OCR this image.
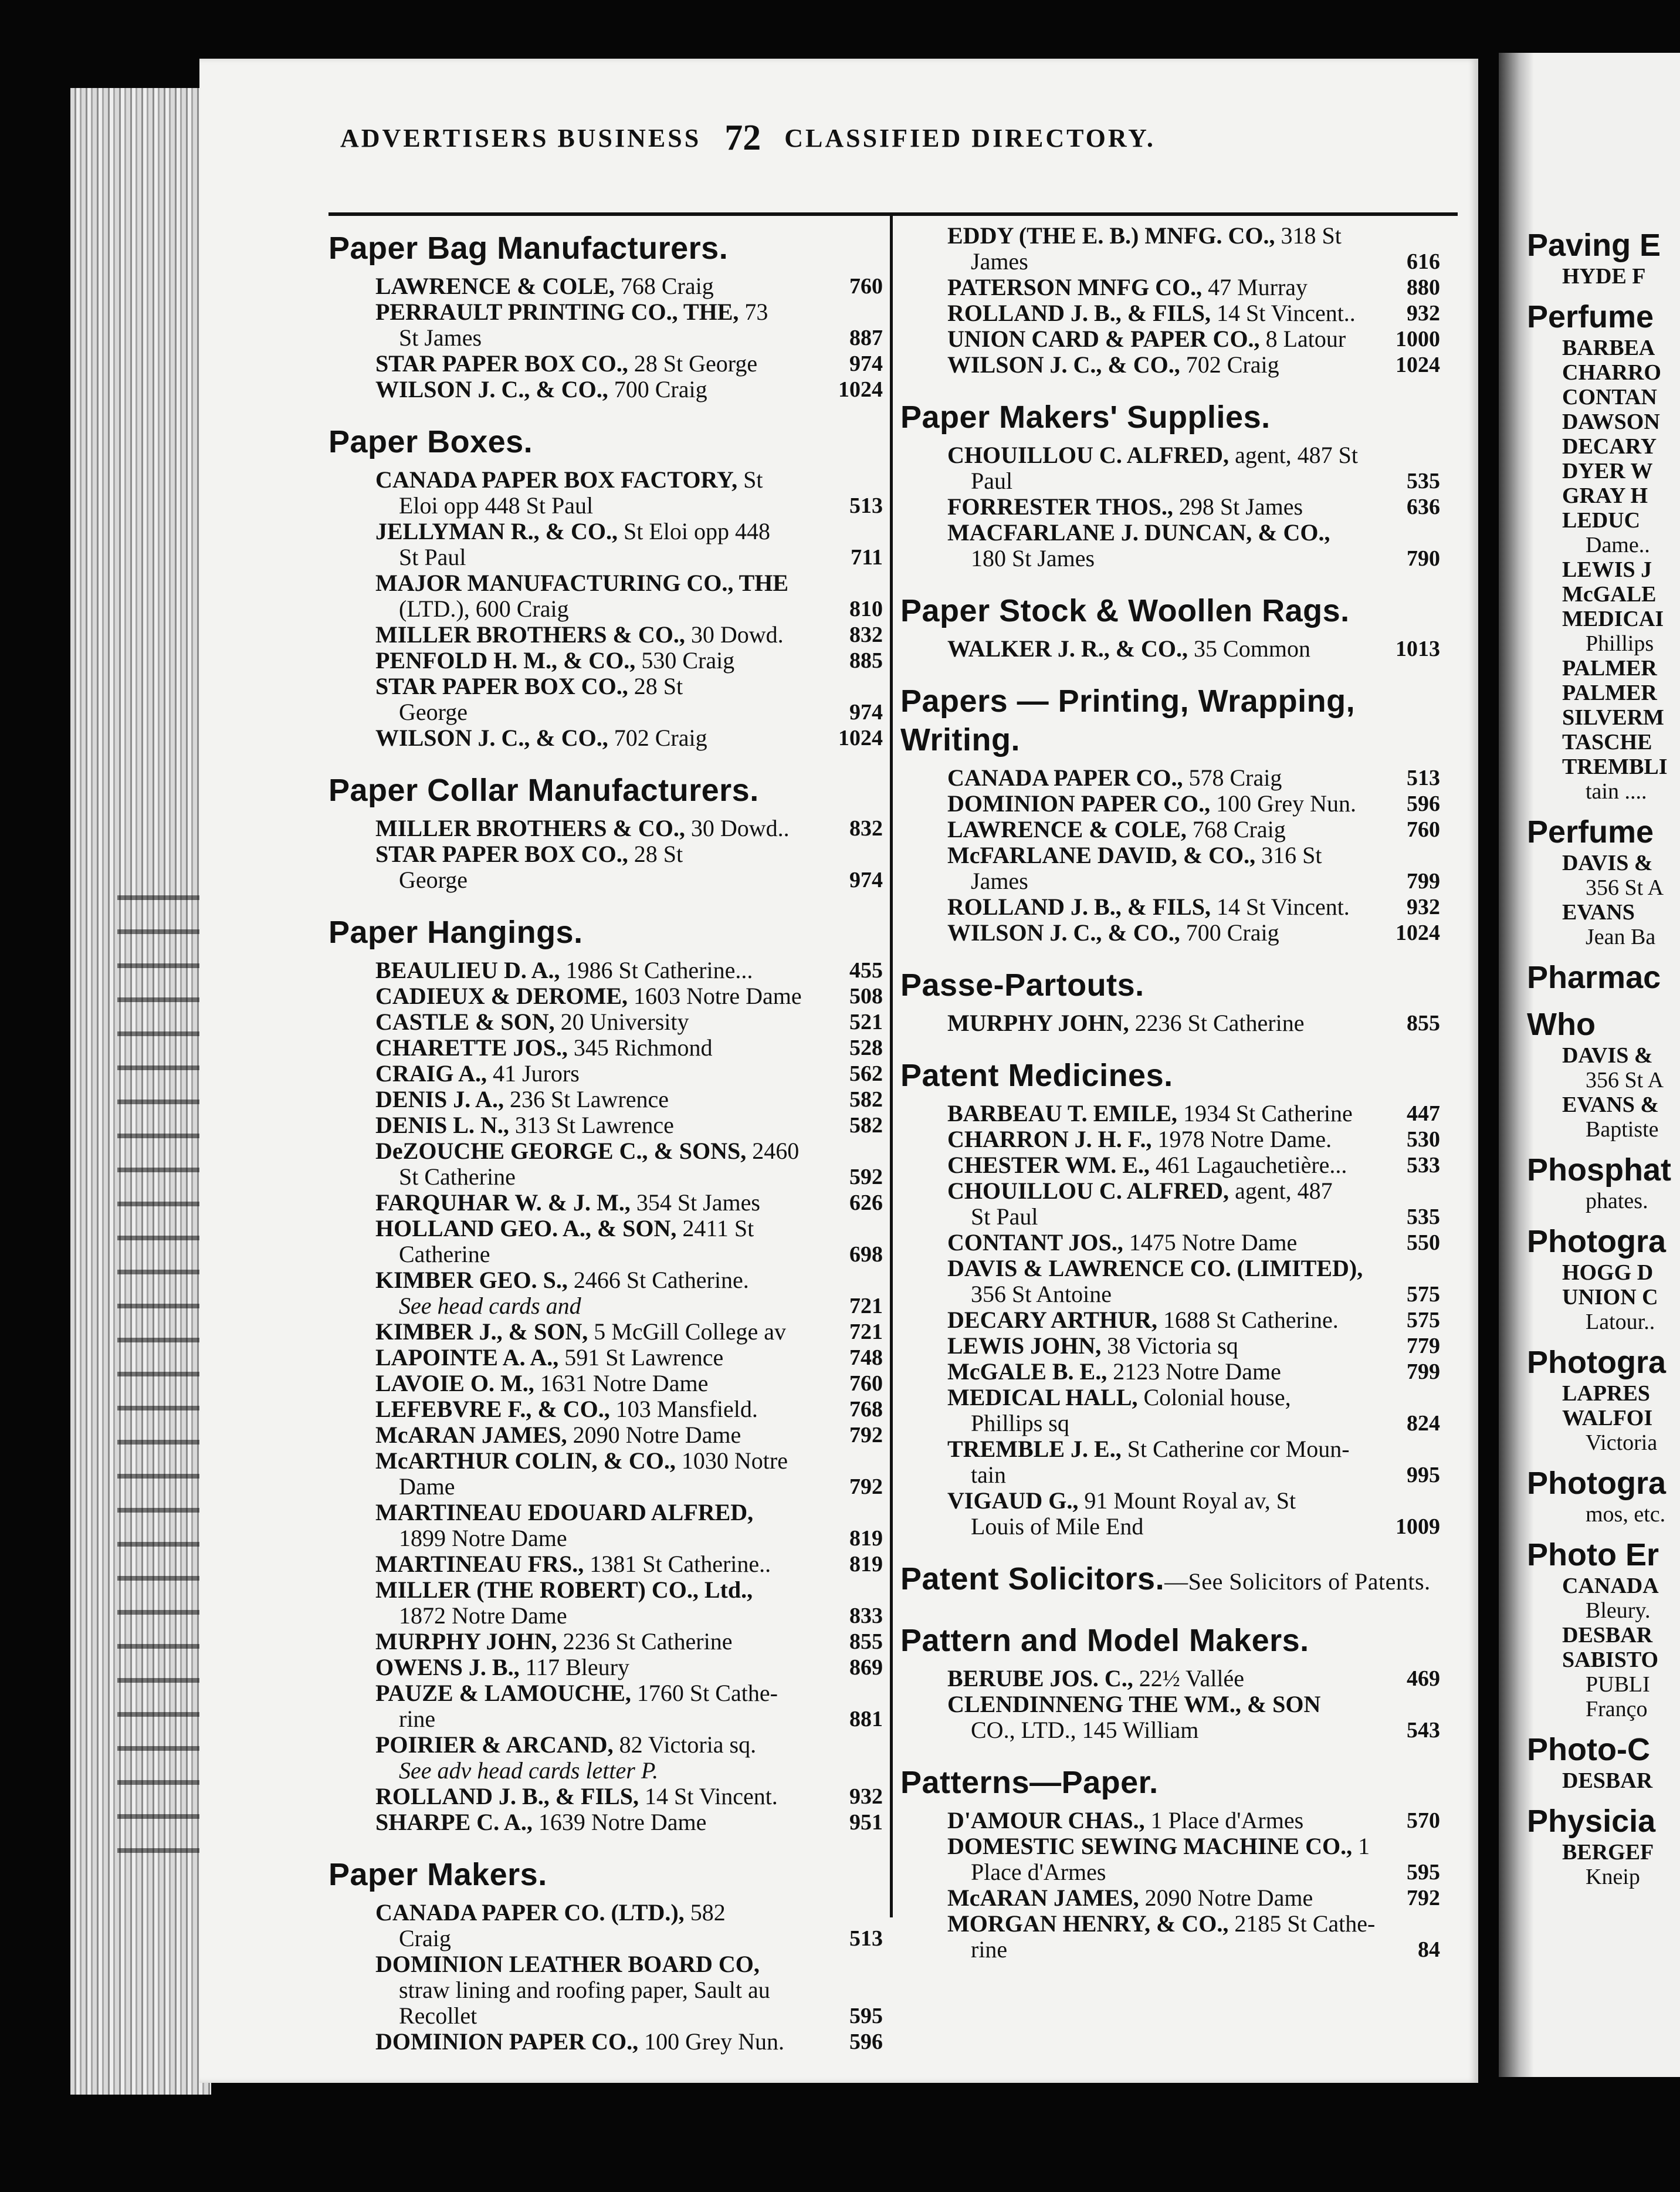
ADVERTISERS BUSINESS 72 CLASSIFIED DIRECTORY.
Paper Bag Manufacturers.
LAWRENCE & COLE, 768 Craig	760
PERRAULT PRINTING CO., THE, 73
St James	887
STAR PAPER BOX CO., 28 St George	974
WILSON J. C., & CO., 700 Craig	1024
Paper Boxes.
CANADA PAPER BOX FACTORY, St
Eloi opp 448 St Paul	513
JELLYMAN R., & CO., St Eloi opp 448
St Paul	711
MAJOR MANUFACTURING CO., THE
(LTD.), 600 Craig	810
MILLER BROTHERS & CO., 30 Dowd.	832
PENFOLD H. M., & CO., 530 Craig	885
STAR PAPER BOX CO., 28 St
George	974
WILSON J. C., & CO., 702 Craig	1024
Paper Collar Manufacturers.
MILLER BROTHERS & CO., 30 Dowd..	832
STAR PAPER BOX CO., 28 St
George	974
Paper Hangings.
BEAULIEU D. A., 1986 St Catherine...	455
CADIEUX & DEROME, 1603 Notre Dame 508
CASTLE & SON, 20 University	521
CHARETTE JOS., 345 Richmond	528
CRAIG A., 41 Jurors	562
DENIS J. A., 236 St Lawrence	582
DENIS L. N., 313 St Lawrence	582
DeZOUCHE GEORGE C., & SONS, 2460
St Catherine	592
FARQUHAR W. & J. M., 354 St James	626
HOLLAND GEO. A., & SON, 2411 St
Catherine	698
KIMBER GEO. S., 2466 St Catherine.
See head cards and	721
KIMBER J., & SON, 5 McGill College av	721
LAPOINTE A. A., 591 St Lawrence	748
LAVOIE O. M., 1631 Notre Dame	760
LEFEBVRE F., & CO., 103 Mansfield.	768
McARAN JAMES, 2090 Notre Dame	792
McARTHUR COLIN, & CO., 1030 Notre
Dame	792
MARTINEAU EDOUARD ALFRED,
1899 Notre Dame	819
MARTINEAU FRS., 1381 St Catherine..	819
MILLER (THE ROBERT) CO., Ltd.,
1872 Notre Dame	833
MURPHY JOHN, 2236 St Catherine	855
OWENS J. B., 117 Bleury	869
PAUZE & LAMOUCHE, 1760 St Cathe-
rine	881
POIRIER & ARCAND, 82 Victoria sq.
See adv head cards letter P.
ROLLAND J. B., & FILS, 14 St Vincent.	932
SHARPE C. A., 1639 Notre Dame	951
Paper Makers.
CANADA PAPER CO. (LTD.), 582
Craig	513
DOMINION LEATHER BOARD CO,
straw lining and roofing paper, Sault au Recollet	595
DOMINION PAPER CO., 100 Grey Nun.	596
EDDY (THE E. B.) MNFG. CO., 318 St
James	616
PATERSON MNFG CO., 47 Murray	880
ROLLAND J. B., & FILS, 14 St Vincent.. 932
UNION CARD & PAPER CO., 8 Latour 1000
WILSON J. C., & CO., 702 Craig	1024
Paper Makers' Supplies.
CHOUILLOU C. ALFRED, agent, 487 St
Paul	535
FORRESTER THOS., 298 St James	636
MACFARLANE J. DUNCAN, & CO.,
180 St James	790
Paper Stock & Woollen Rags.
WALKER J. R., & CO., 35 Common	1013
Papers — Printing, Wrapping, Writing.
CANADA PAPER CO., 578 Craig	513
DOMINION PAPER CO., 100 Grey Nun. 596
LAWRENCE & COLE, 768 Craig	760
McFARLANE DAVID, & CO., 316 St
James	799
ROLLAND J. B., & FILS, 14 St Vincent.	932
WILSON J. C., & CO., 700 Craig	1024
Passe-Partouts.
MURPHY JOHN, 2236 St Catherine	855
Patent Medicines.
BARBEAU T. EMILE, 1934 St Catherine 447
CHARRON J. H. F., 1978 Notre Dame.	530
CHESTER WM. E., 461 Lagauchetière...	533
CHOUILLOU C. ALFRED, agent, 487
St Paul	535
CONTANT JOS., 1475 Notre Dame	550
DAVIS & LAWRENCE CO. (LIMITED),
356 St Antoine	575
DECARY ARTHUR, 1688 St Catherine.	575
LEWIS JOHN, 38 Victoria sq	779
McGALE B. E., 2123 Notre Dame	799
MEDICAL HALL, Colonial house,
Phillips sq	824
TREMBLE J. E., St Catherine cor Moun-
tain	995
VIGAUD G., 91 Mount Royal av, St
Louis of Mile End	1009
Patent Solicitors.—See Solicitors of Patents.
Pattern and Model Makers.
BERUBE JOS. C., 22½ Vallée	469
CLENDINNENG THE WM., & SON
CO., LTD., 145 William	543
Patterns—Paper.
D'AMOUR CHAS., 1 Place d'Armes	570
DOMESTIC SEWING MACHINE CO., 1
Place d'Armes	595
McARAN JAMES, 2090 Notre Dame	792
MORGAN HENRY, & CO., 2185 St Cathe-
rine	84
Paving E
HYDE F
Perfume
BARBEA
CHARRO
CONTAN
DAWSON
DECARY
DYER W
GRAY H
LEDUC
Dame..
LEWIS J
McGALE
MEDICAI
Phillips
PALMER
PALMER
SILVERM
TASCHE
TREMBLI
tain ....
Perfume
DAVIS &
356 St A
EVANS
Jean Ba
Pharmac
Who
DAVIS &
356 St A
EVANS &
Baptiste
Phosphat
phates.
Photogra
HOGG D
UNION C
Latour..
Photogra
LAPRES
WALFOI
Victoria
Photogra
mos, etc.
Photo Er
CANADA
Bleury.
DESBAR
SABISTO
PUBLI
Franço
Photo-C
DESBAR
Physicia
BERGEF
Kneip
